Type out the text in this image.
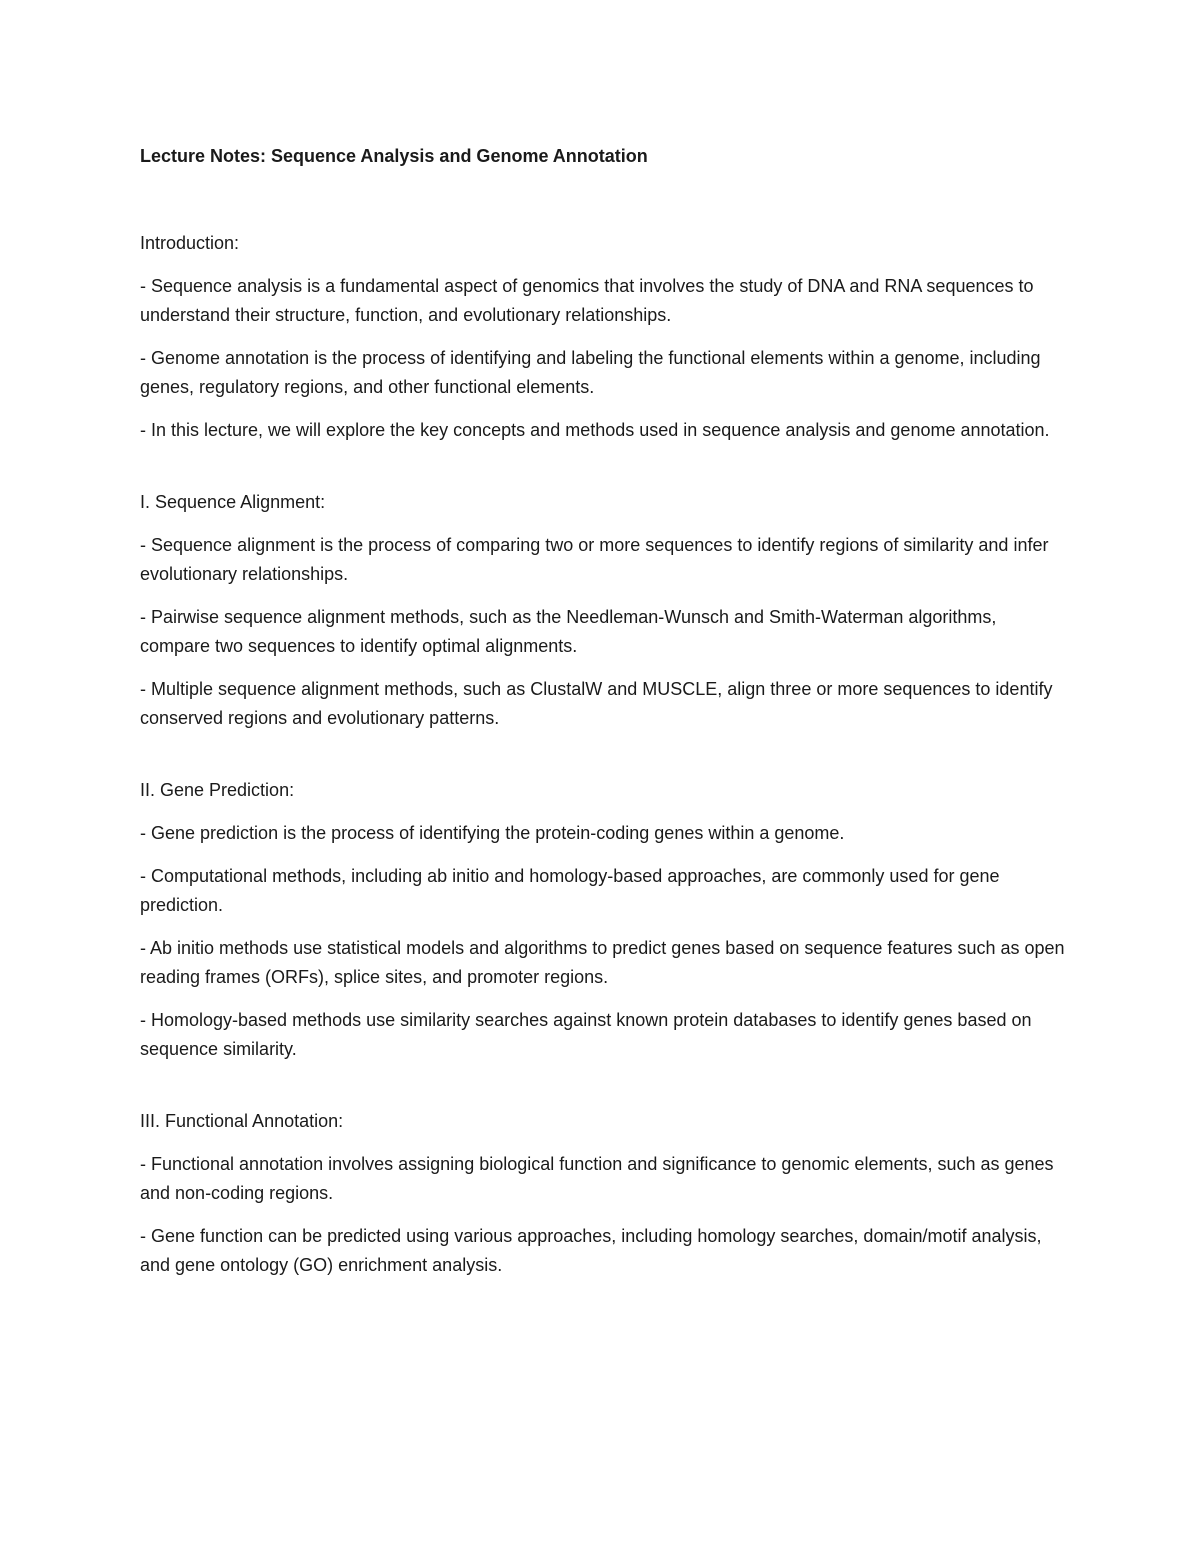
Lecture Notes: Sequence Analysis and Genome Annotation

Introduction:

- Sequence analysis is a fundamental aspect of genomics that involves the study of DNA and RNA sequences to understand their structure, function, and evolutionary relationships.

- Genome annotation is the process of identifying and labeling the functional elements within a genome, including genes, regulatory regions, and other functional elements.

- In this lecture, we will explore the key concepts and methods used in sequence analysis and genome annotation.

I. Sequence Alignment:

- Sequence alignment is the process of comparing two or more sequences to identify regions of similarity and infer evolutionary relationships.

- Pairwise sequence alignment methods, such as the Needleman-Wunsch and Smith-Waterman algorithms, compare two sequences to identify optimal alignments.

- Multiple sequence alignment methods, such as ClustalW and MUSCLE, align three or more sequences to identify conserved regions and evolutionary patterns.

II. Gene Prediction:

- Gene prediction is the process of identifying the protein-coding genes within a genome.

- Computational methods, including ab initio and homology-based approaches, are commonly used for gene prediction.

- Ab initio methods use statistical models and algorithms to predict genes based on sequence features such as open reading frames (ORFs), splice sites, and promoter regions.

- Homology-based methods use similarity searches against known protein databases to identify genes based on sequence similarity.

III. Functional Annotation:

- Functional annotation involves assigning biological function and significance to genomic elements, such as genes and non-coding regions.

- Gene function can be predicted using various approaches, including homology searches, domain/motif analysis, and gene ontology (GO) enrichment analysis.
